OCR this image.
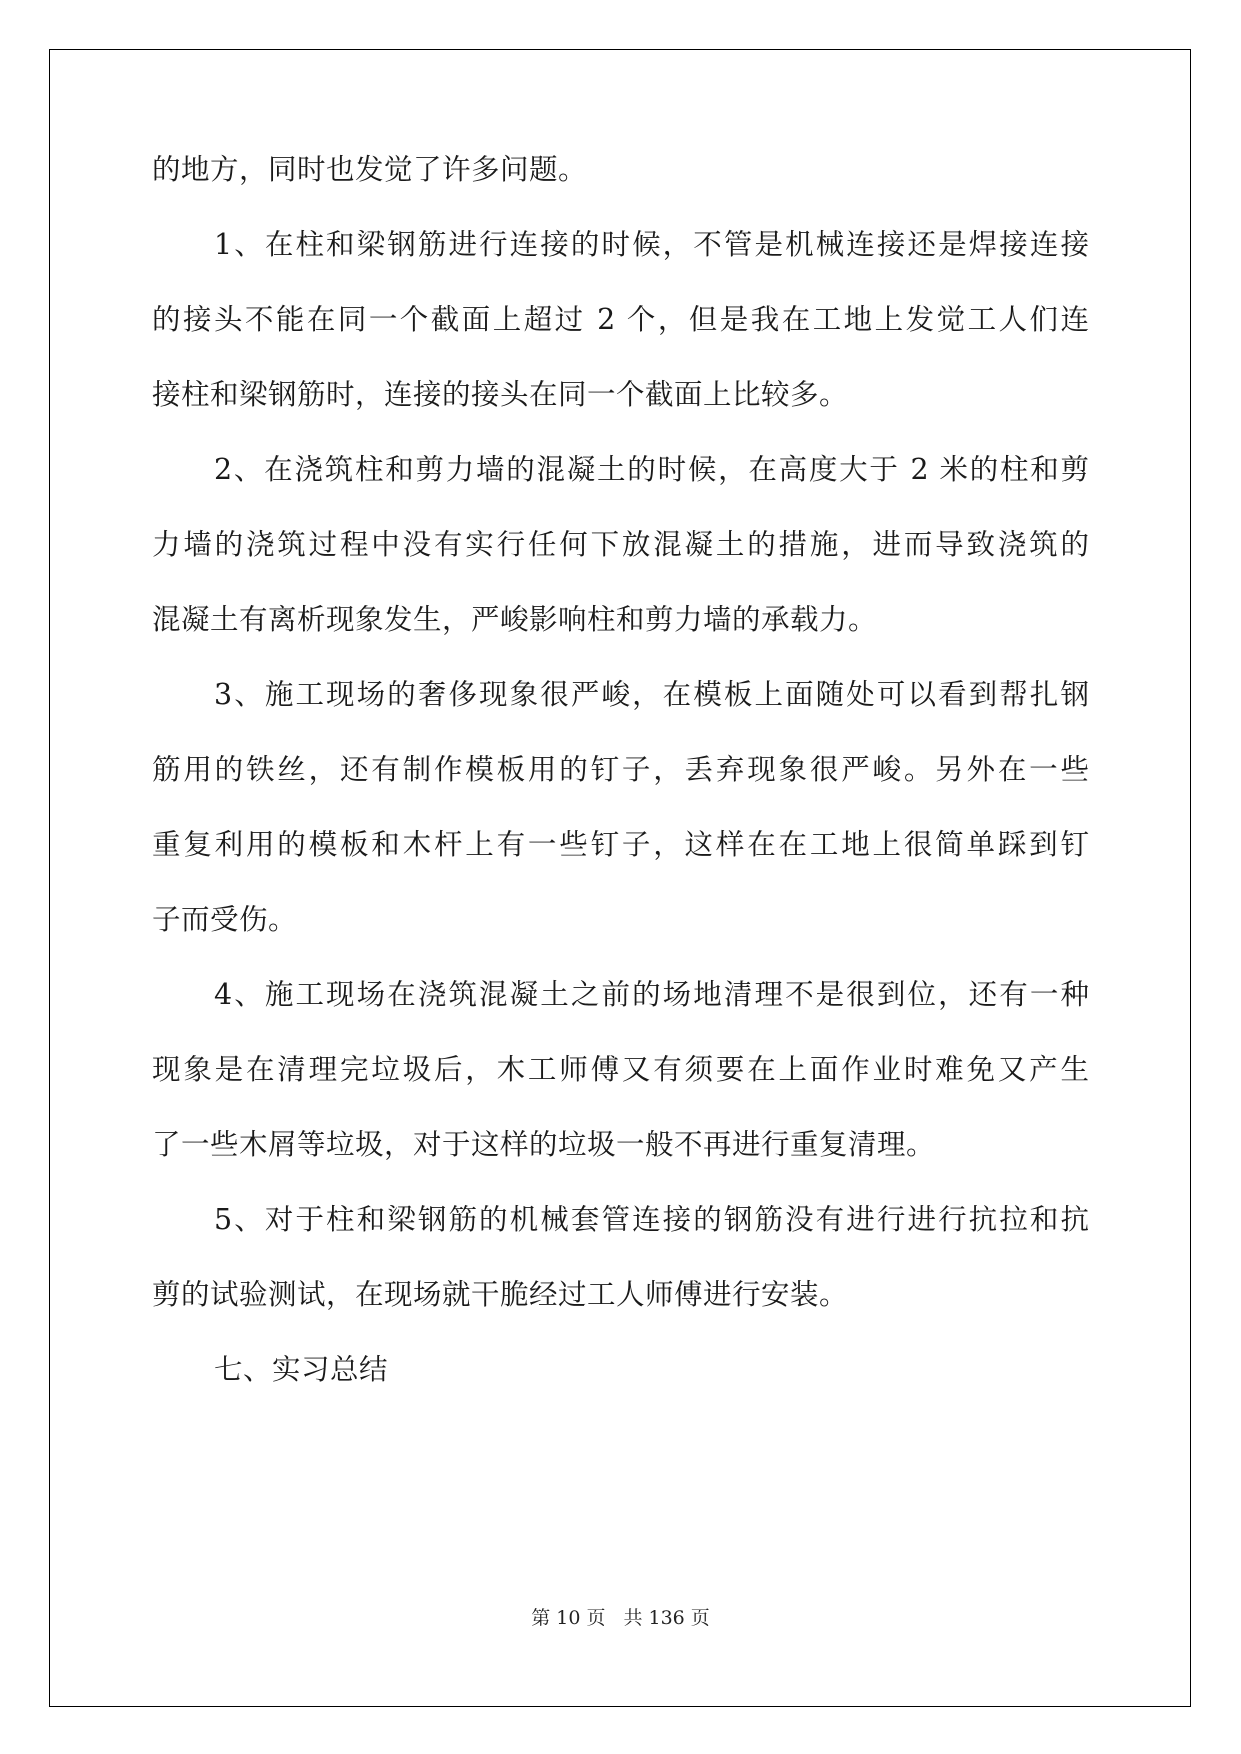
的地方，同时也发觉了许多问题。
1、在柱和梁钢筋进行连接的时候，不管是机械连接还是焊接连接
的接头不能在同一个截面上超过 2 个，但是我在工地上发觉工人们连
接柱和梁钢筋时，连接的接头在同一个截面上比较多。
2、在浇筑柱和剪力墙的混凝土的时候，在高度大于 2 米的柱和剪
力墙的浇筑过程中没有实行任何下放混凝土的措施，进而导致浇筑的
混凝土有离析现象发生，严峻影响柱和剪力墙的承载力。
3、施工现场的奢侈现象很严峻，在模板上面随处可以看到帮扎钢
筋用的铁丝，还有制作模板用的钉子，丢弃现象很严峻。另外在一些
重复利用的模板和木杆上有一些钉子，这样在在工地上很简单踩到钉
子而受伤。
4、施工现场在浇筑混凝土之前的场地清理不是很到位，还有一种
现象是在清理完垃圾后，木工师傅又有须要在上面作业时难免又产生
了一些木屑等垃圾，对于这样的垃圾一般不再进行重复清理。
5、对于柱和梁钢筋的机械套管连接的钢筋没有进行进行抗拉和抗
剪的试验测试，在现场就干脆经过工人师傅进行安装。
七、实习总结
第 10 页 共 136 页
